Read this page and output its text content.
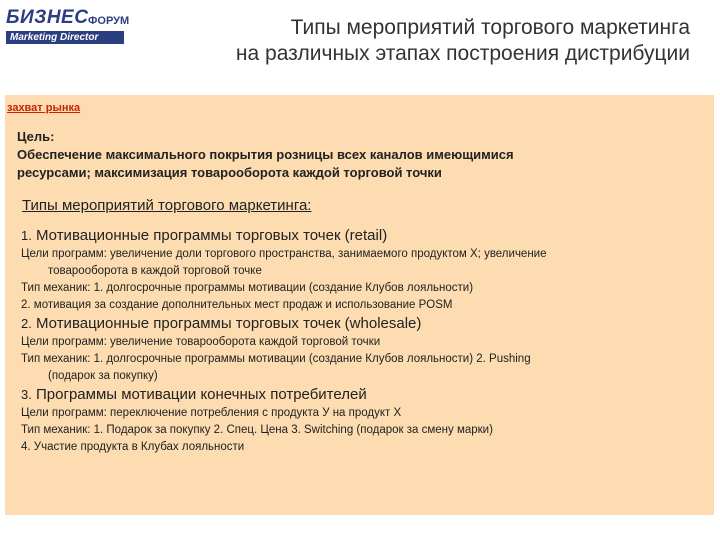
БИЗНЕС ФОРУМ
Marketing Director	Типы мероприятий торгового маркетинга
на различных этапах построения дистрибуции
захват рынка
Цель:
Обеспечение максимального покрытия розницы всех каналов имеющимися
ресурсами; максимизация товарооборота каждой торговой точки
Типы мероприятий торгового маркетинга:
1. Мотивационные программы торговых точек (retail)
Цели программ: увеличение доли торгового пространства, занимаемого продуктом Х; увеличение
товарооборота в каждой торговой точке
Тип механик: 1. долгосрочные программы мотивации (создание Клубов лояльности)
2. мотивация за создание дополнительных мест продаж и использование POSM
2. Мотивационные программы торговых точек (wholesale)
Цели программ: увеличение товарооборота каждой торговой точки
Тип механик: 1. долгосрочные программы мотивации (создание Клубов лояльности) 2. Pushing
(подарок за покупку)
3. Программы мотивации конечных потребителей
Цели программ: переключение потребления с продукта У на продукт Х
Тип механик: 1. Подарок за покупку 2. Спец. Цена 3. Switching (подарок за смену марки)
4. Участие продукта в Клубах лояльности
